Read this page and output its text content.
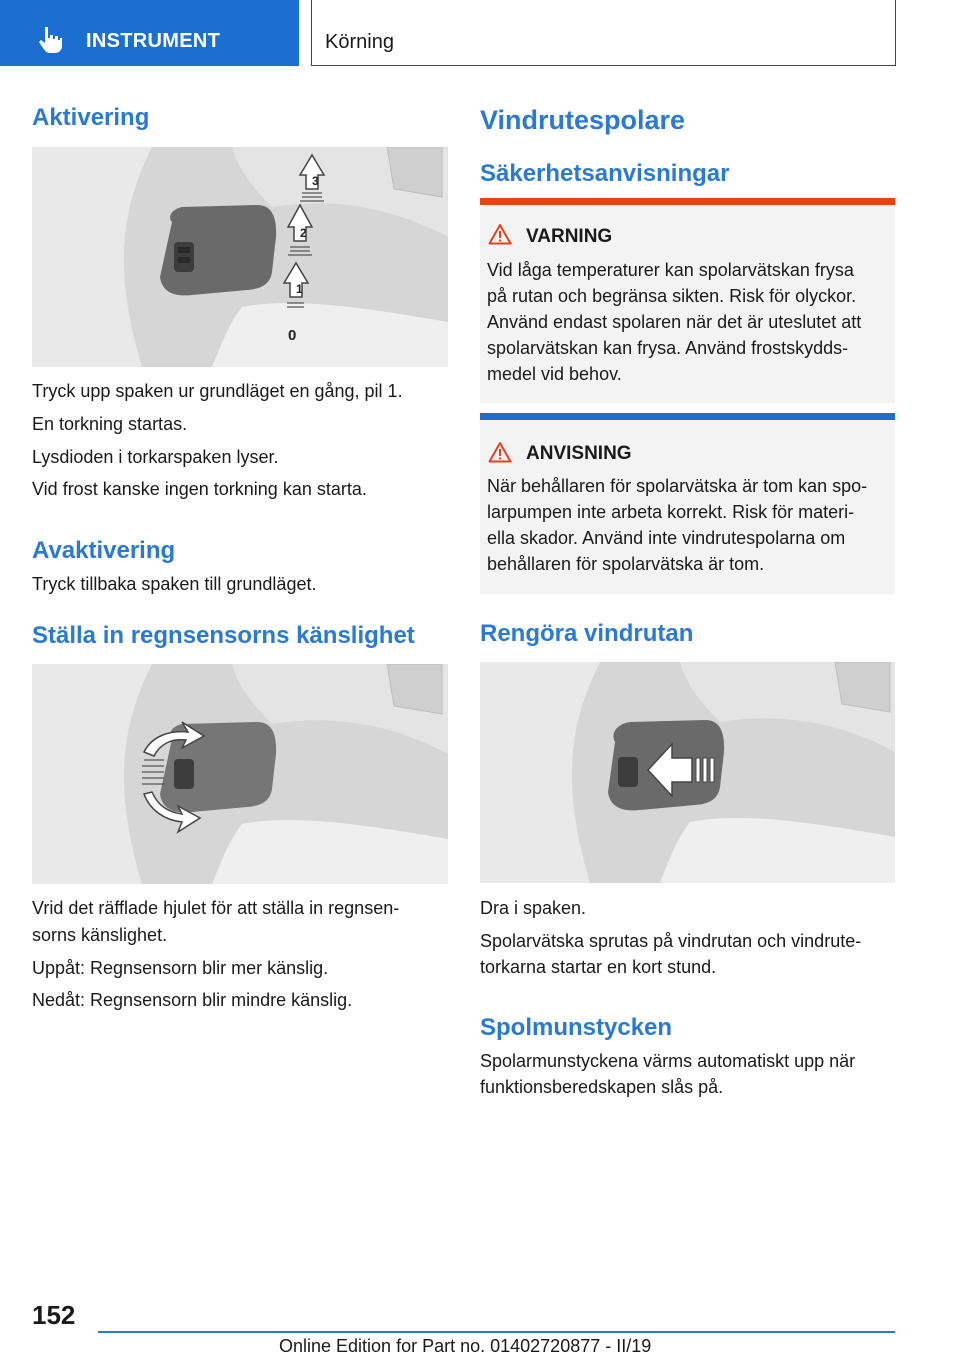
INSTRUMENT	Körning
Aktivering
3
2
1
0
Tryck upp spaken ur grundläget en gång, pil 1.
En torkning startas.
Lysdioden i torkarspaken lyser.
Vid frost kanske ingen torkning kan starta.
Avaktivering
Tryck tillbaka spaken till grundläget.
Ställa in regnsensorns känslighet
Vrid det räfflade hjulet för att ställa in regnsen-
sorns känslighet.
Uppåt: Regnsensorn blir mer känslig.
Nedåt: Regnsensorn blir mindre känslig.
Vindrutespolare
Säkerhetsanvisningar
VARNING
Vid låga temperaturer kan spolarvätskan frysa
på rutan och begränsa sikten. Risk för olyckor.
Använd endast spolaren när det är uteslutet att
spolarvätskan kan frysa. Använd frostskydds-
medel vid behov.
ANVISNING
När behållaren för spolarvätska är tom kan spo-
larpumpen inte arbeta korrekt. Risk för materi-
ella skador. Använd inte vindrutespolarna om
behållaren för spolarvätska är tom.
Rengöra vindrutan
Dra i spaken.
Spolarvätska sprutas på vindrutan och vindrute-
torkarna startar en kort stund.
Spolmunstycken
Spolarmunstyckena värms automatiskt upp när
funktionsberedskapen slås på.
152
Online Edition for Part no. 01402720877 - II/19
